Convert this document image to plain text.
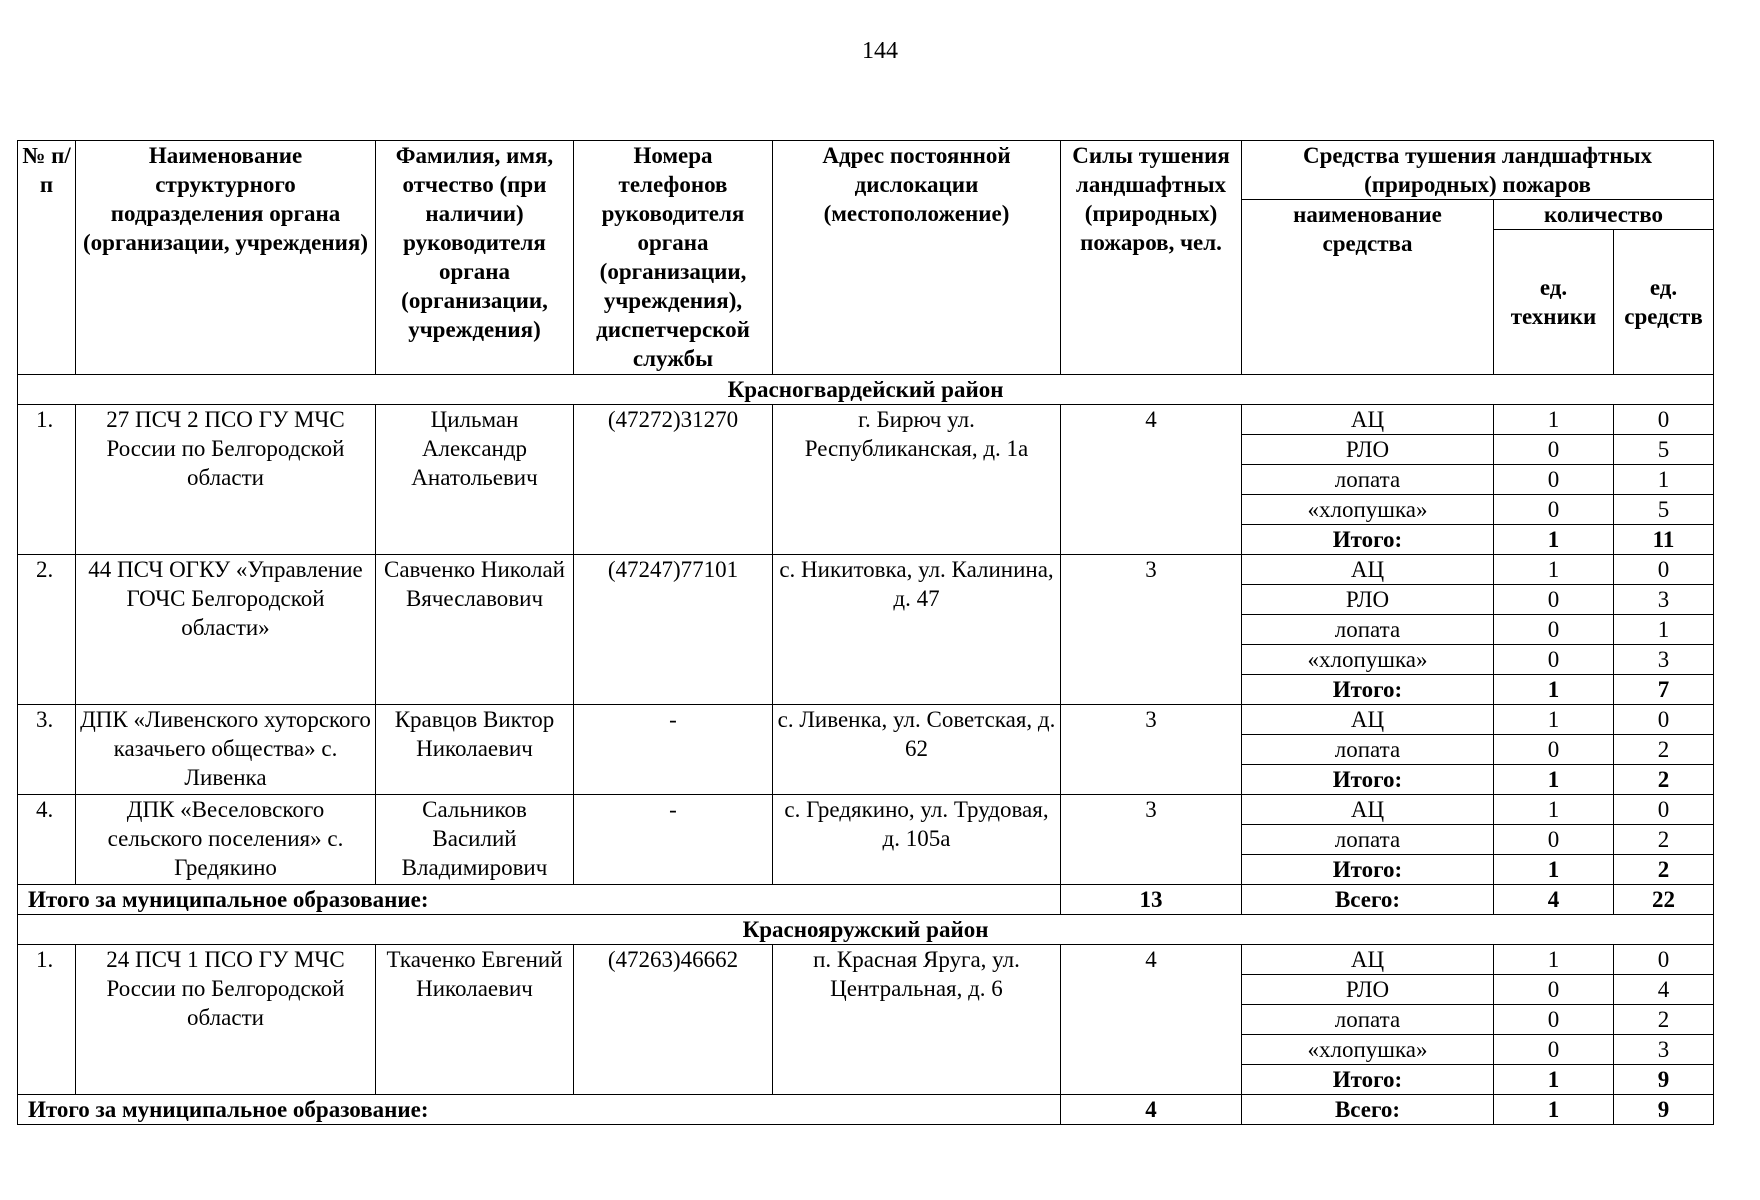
144
№ п/п	Наименование структурного подразделения органа (организации, учреждения)	Фамилия, имя, отчество (при наличии) руководителя органа (организации, учреждения)	Номера телефонов руководителя органа (организации, учреждения), диспетчерской службы	Адрес постоянной дислокации (местоположение)	Силы тушения ландшафтных (природных) пожаров, чел.	Средства тушения ландшафтных (природных) пожаров		
						наименование средства	количество	
							ед. техники	ед. средств
Красногвардейский район								
1.	27 ПСЧ 2 ПСО ГУ МЧС России по Белгородской области	Цильман Александр Анатольевич	(47272)31270	г. Бирюч ул. Республиканская, д. 1а	4	АЦ	1	0
						РЛО	0	5
						лопата	0	1
						«хлопушка»	0	5
						Итого:	1	11
2.	44 ПСЧ ОГКУ «Управление ГОЧС Белгородской области»	Савченко Николай Вячеславович	(47247)77101	с. Никитовка, ул. Калинина, д. 47	3	АЦ	1	0
						РЛО	0	3
						лопата	0	1
						«хлопушка»	0	3
						Итого:	1	7
3.	ДПК «Ливенского хуторского казачьего общества» с. Ливенка	Кравцов Виктор Николаевич	-	с. Ливенка, ул. Советская, д. 62	3	АЦ	1	0
						лопата	0	2
						Итого:	1	2
4.	ДПК «Веселовского сельского поселения» с. Гредякино	Сальников Василий Владимирович	-	с. Гредякино, ул. Трудовая, д. 105а	3	АЦ	1	0
						лопата	0	2
						Итого:	1	2
Итого за муниципальное образование:					13	Всего:	4	22
Краснояружский район								
1.	24 ПСЧ 1 ПСО ГУ МЧС России по Белгородской области	Ткаченко Евгений Николаевич	(47263)46662	п. Красная Яруга, ул. Центральная, д. 6	4	АЦ	1	0
						РЛО	0	4
						лопата	0	2
						«хлопушка»	0	3
						Итого:	1	9
Итого за муниципальное образование:					4	Всего:	1	9
